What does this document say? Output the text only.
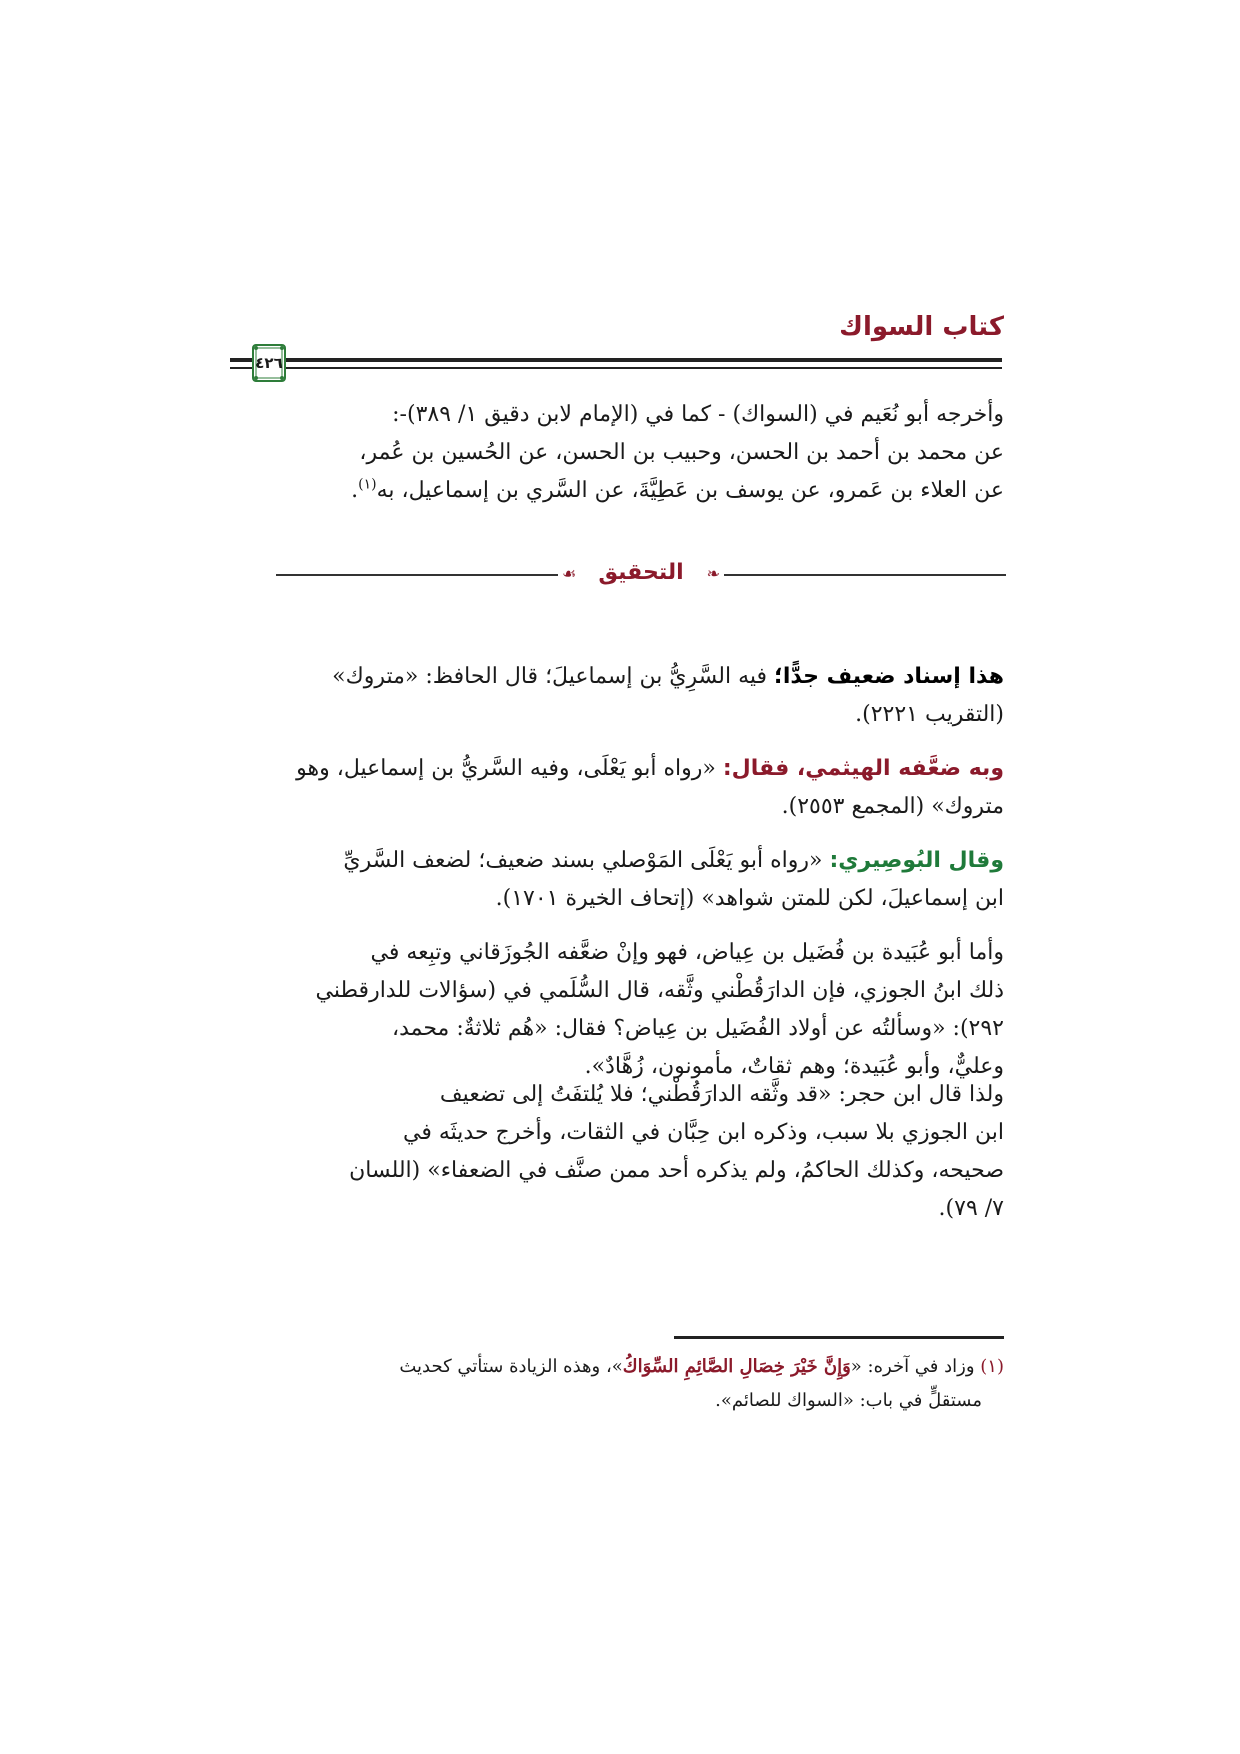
كتاب السواك
٤٢٦
وأخرجه أبو نُعَيم في (السواك) - كما في (الإمام لابن دقيق ١/ ٣٨٩)-:
عن محمد بن أحمد بن الحسن، وحبيب بن الحسن، عن الحُسين بن عُمر،
عن العلاء بن عَمرو، عن يوسف بن عَطِيَّةَ، عن السَّري بن إسماعيل، به$^{(١)}$.
❧
التحقيق
☙
هذا إسناد ضعيف جدًّا؛ فيه السَّرِيُّ بن إسماعيلَ؛ قال الحافظ: «متروك»
(التقريب ٢٢٢١).
وبه ضعَّفه الهيثمي، فقال: «رواه أبو يَعْلَى، وفيه السَّريُّ بن إسماعيل، وهو
متروك» (المجمع ٢٥٥٣).
وقال البُوصِيري: «رواه أبو يَعْلَى المَوْصلي بسند ضعيف؛ لضعف السَّريِّ
ابن إسماعيلَ، لكن للمتن شواهد» (إتحاف الخيرة ١٧٠١).
وأما أبو عُبَيدة بن فُضَيل بن عِياض، فهو وإنْ ضعَّفه الجُوزَقاني وتبِعه في
ذلك ابنُ الجوزي، فإن الدارَقُطْني وثَّقه، قال السُّلَمي في (سؤالات للدارقطني
٢٩٢): «وسألتُه عن أولاد الفُضَيل بن عِياض؟ فقال: «هُم ثلاثةٌ: محمد،
وعليٌّ، وأبو عُبَيدة؛ وهم ثقاتٌ، مأمونون، زُهَّادٌ».
ولذا قال ابن حجر: «قد وثَّقه الدارَقُطْني؛ فلا يُلتفَتُ إلى تضعيف
ابن الجوزي بلا سبب، وذكره ابن حِبَّان في الثقات، وأخرج حديثَه في
صحيحه، وكذلك الحاكمُ، ولم يذكره أحد ممن صنَّف في الضعفاء» (اللسان
٧/ ٧٩).
(١) وزاد في آخره: «وَإِنَّ خَيْرَ خِصَالِ الصَّائِمِ السِّوَاكُ»، وهذه الزيادة ستأتي كحديث
مستقلٍّ في باب: «السواك للصائم».
